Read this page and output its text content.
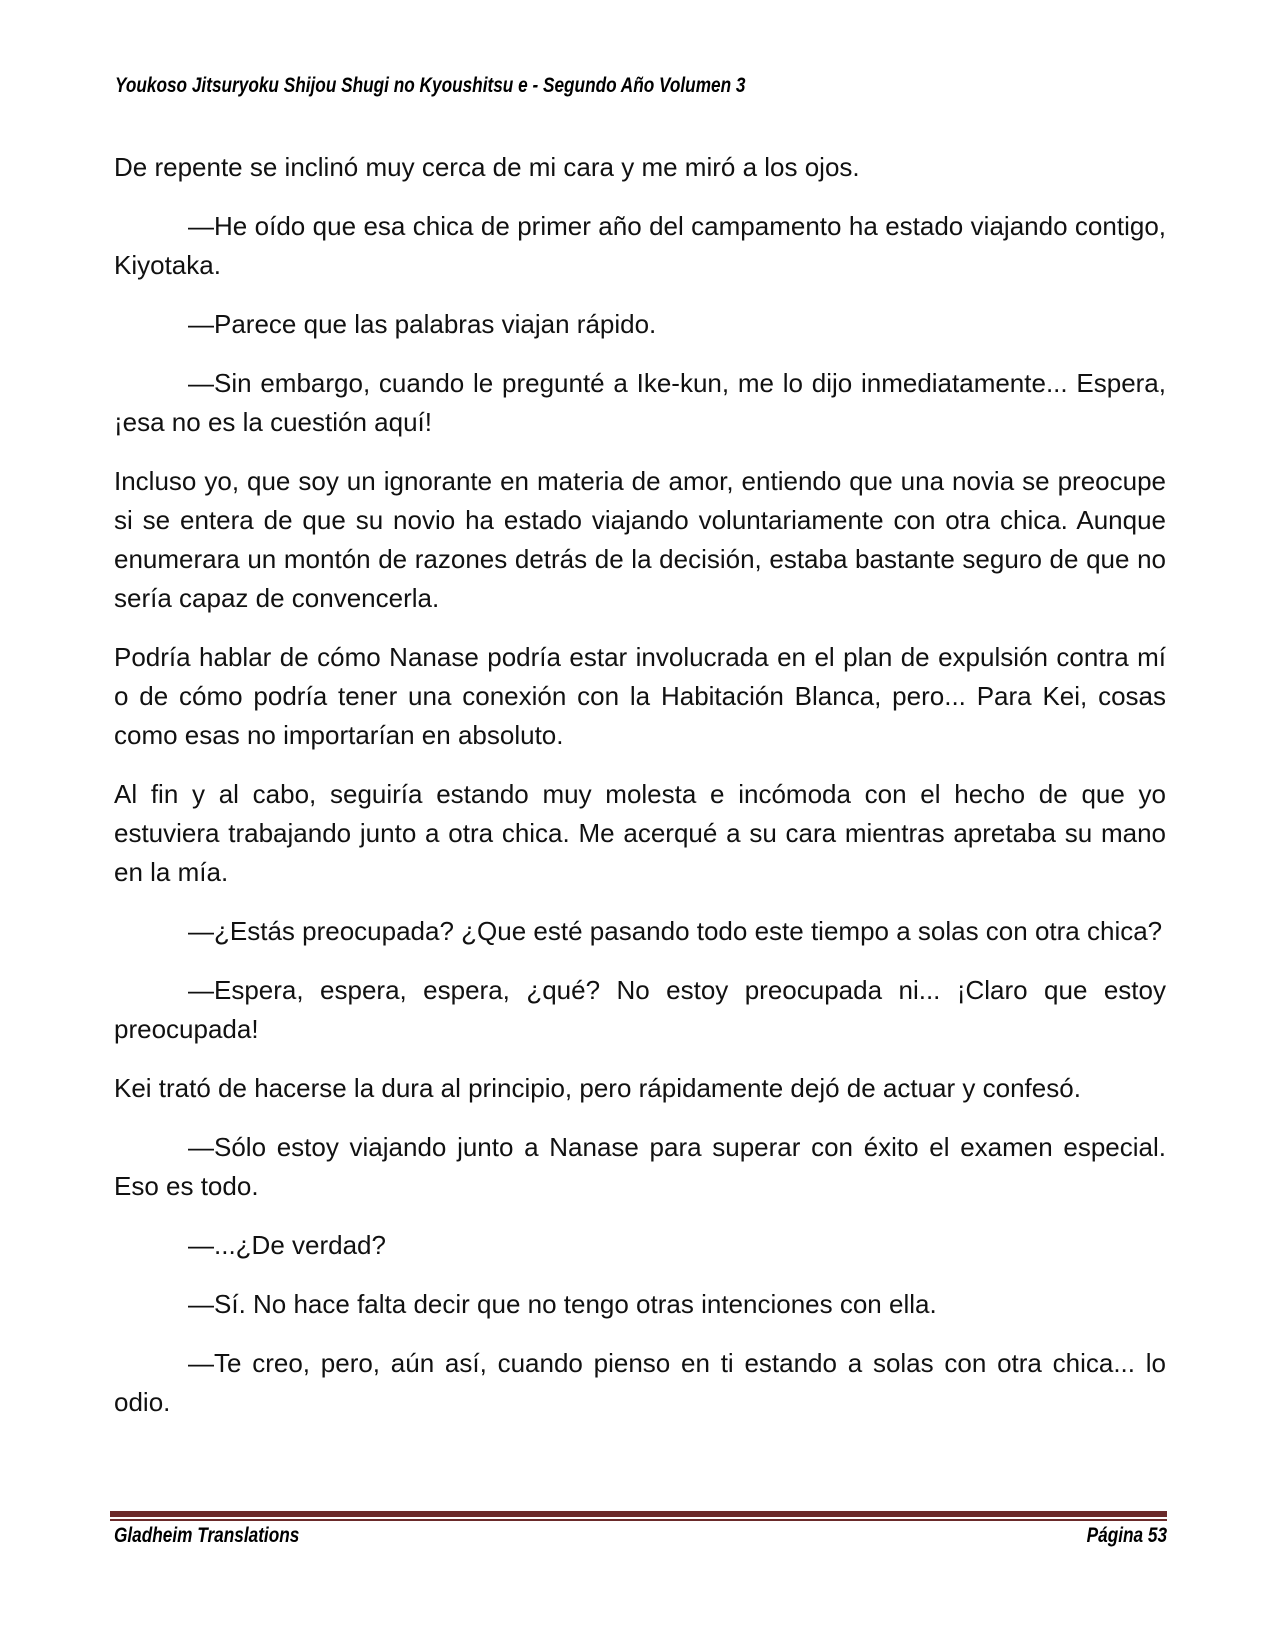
Youkoso Jitsuryoku Shijou Shugi no Kyoushitsu e - Segundo Año Volumen 3

De repente se inclinó muy cerca de mi cara y me miró a los ojos.

—He oído que esa chica de primer año del campamento ha estado viajando contigo, Kiyotaka.

—Parece que las palabras viajan rápido.

—Sin embargo, cuando le pregunté a Ike-kun, me lo dijo inmediatamente... Espera, ¡esa no es la cuestión aquí!

Incluso yo, que soy un ignorante en materia de amor, entiendo que una novia se preocupe si se entera de que su novio ha estado viajando voluntariamente con otra chica. Aunque enumerara un montón de razones detrás de la decisión, estaba bastante seguro de que no sería capaz de convencerla.

Podría hablar de cómo Nanase podría estar involucrada en el plan de expulsión contra mí o de cómo podría tener una conexión con la Habitación Blanca, pero... Para Kei, cosas como esas no importarían en absoluto.

Al fin y al cabo, seguiría estando muy molesta e incómoda con el hecho de que yo estuviera trabajando junto a otra chica. Me acerqué a su cara mientras apretaba su mano en la mía.

—¿Estás preocupada? ¿Que esté pasando todo este tiempo a solas con otra chica?

—Espera, espera, espera, ¿qué? No estoy preocupada ni... ¡Claro que estoy preocupada!

Kei trató de hacerse la dura al principio, pero rápidamente dejó de actuar y confesó.

—Sólo estoy viajando junto a Nanase para superar con éxito el examen especial. Eso es todo.

—...¿De verdad?

—Sí. No hace falta decir que no tengo otras intenciones con ella.

—Te creo, pero, aún así, cuando pienso en ti estando a solas con otra chica... lo odio.

Gladheim Translations	Página 53
